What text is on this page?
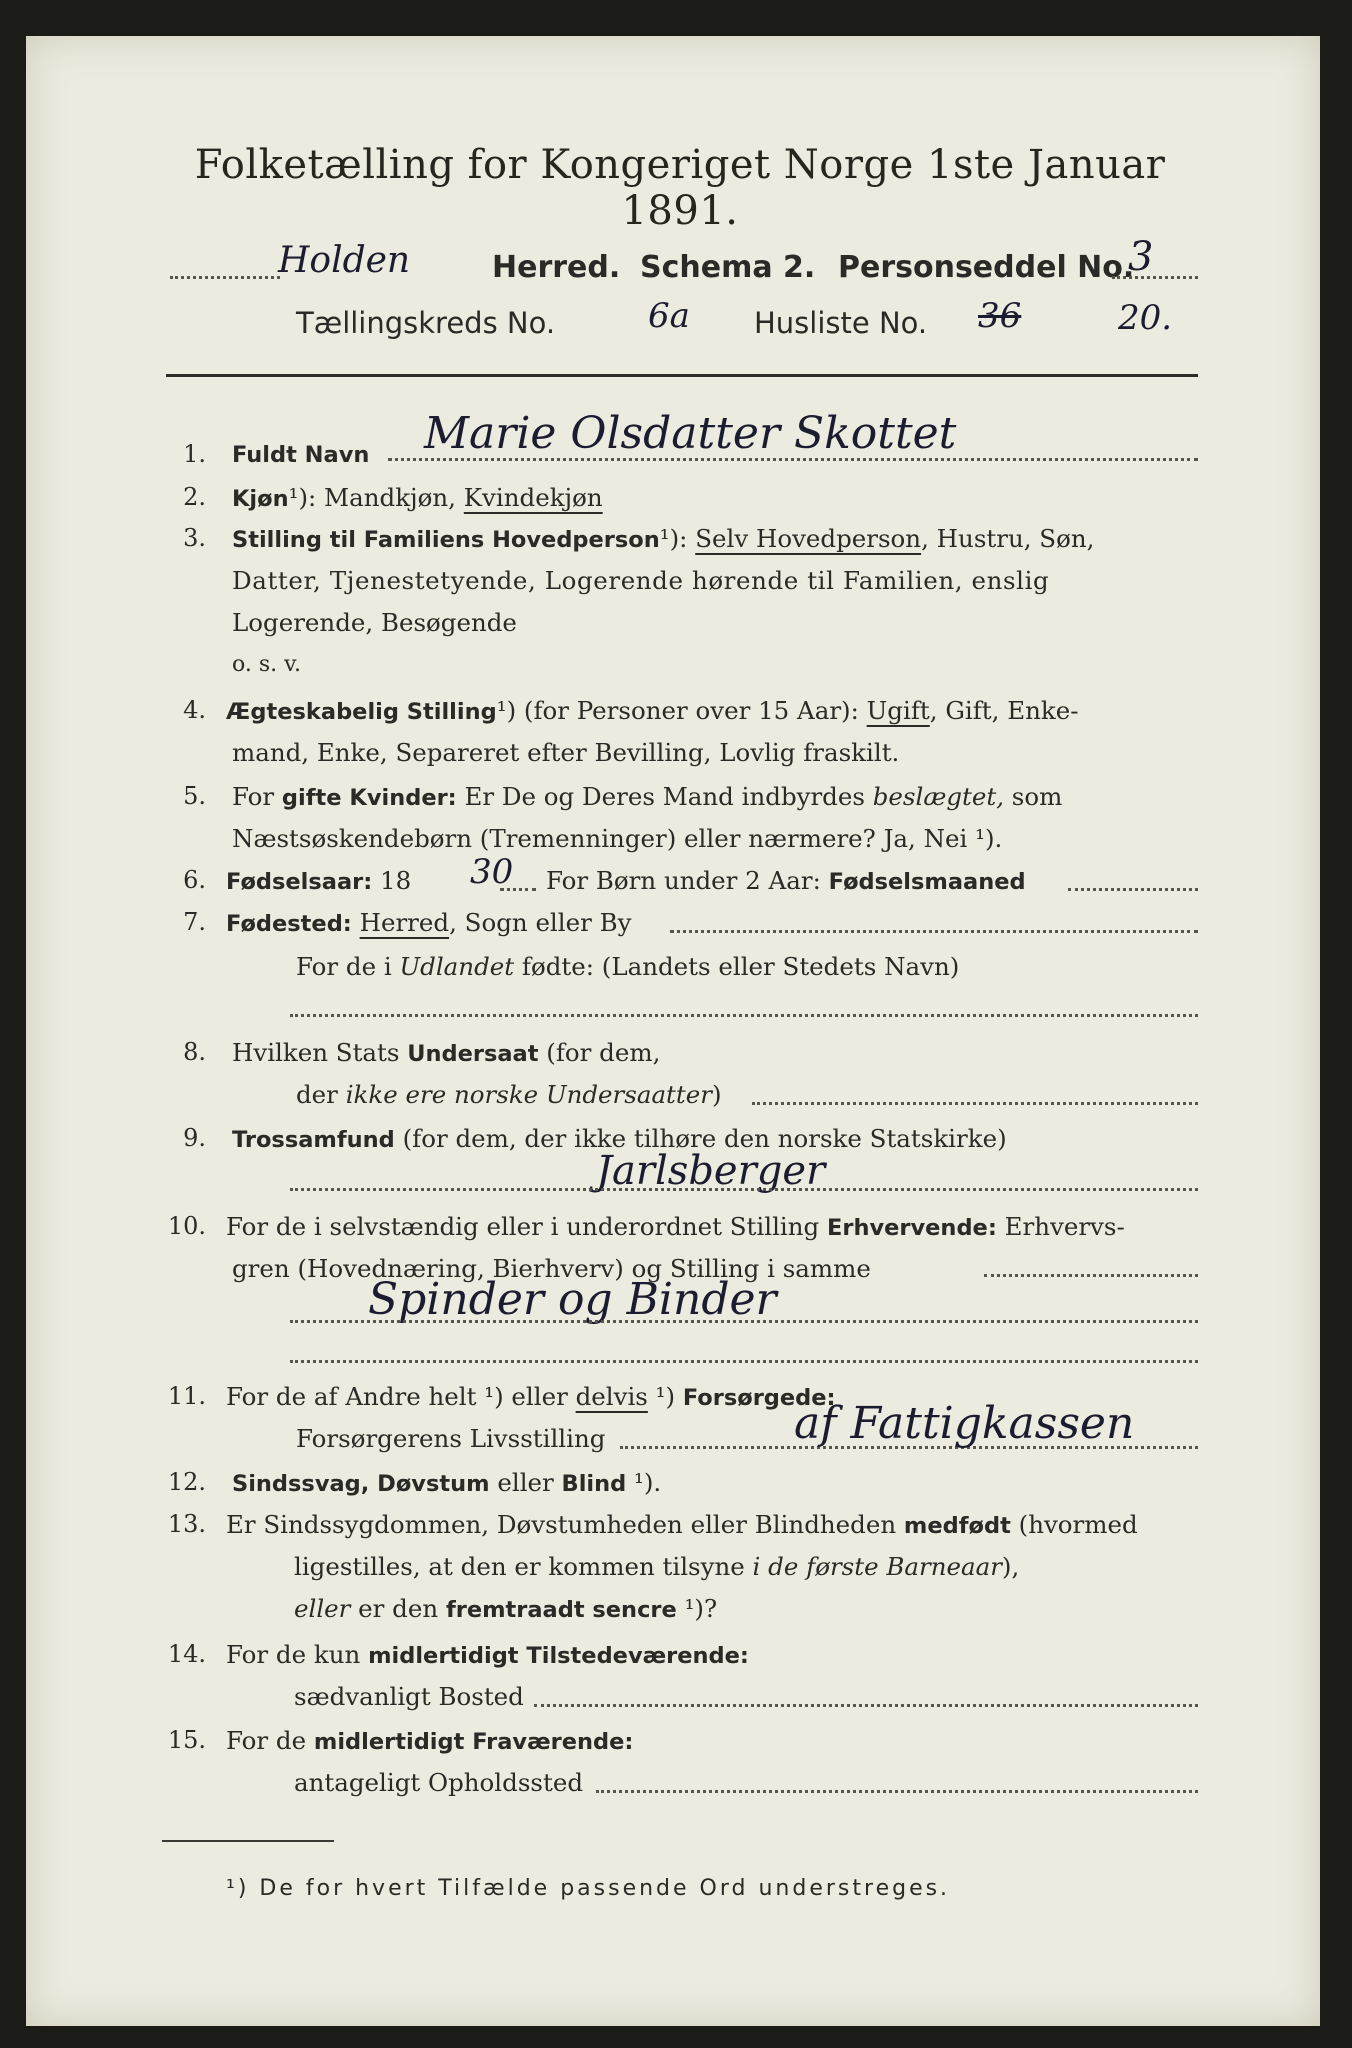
Folketælling for Kongeriget Norge 1ste Januar 1891.
Holden	Herred. Schema 2. Personseddel No.
3
Tællingskreds No.	6a Husliste No. 36	20.
1. Fuldt Navn Marie Olsdatter Skottet
2. Kjøn¹): Mandkjøn, Kvindekjøn
3. Stilling til Familiens Hovedperson¹): Selv Hovedperson, Hustru, Søn,
Datter, Tjenestetyende, Logerende hørende til Familien, enslig
Logerende, Besøgende
o. s. v.
4. Ægteskabelig Stilling¹) (for Personer over 15 Aar): Ugift, Gift, Enke-
mand, Enke, Separeret efter Bevilling, Lovlig fraskilt.
5. For gifte Kvinder: Er De og Deres Mand indbyrdes beslægtet, som
Næstsøskendebørn (Tremenninger) eller nærmere? Ja, Nei ¹).
6. Fødselsaar: 18 30 For Børn under 2 Aar: Fødselsmaaned
7. Fødested: Herred, Sogn eller By
For de i Udlandet fødte: (Landets eller Stedets Navn)
8. Hvilken Stats Undersaat (for dem,
der ikke ere norske Undersaatter)
9. Trossamfund (for dem, der ikke tilhøre den norske Statskirke)
Jarlsberger
10. For de i selvstændig eller i underordnet Stilling Erhvervende: Erhvervs-
gren (Hovednæring, Bierhverv) og Stilling i samme
Spinder og Binder
11. For de af Andre helt ¹) eller delvis ¹) Forsørgede:
Forsørgerens Livsstilling	af Fattigkassen
12. Sindssvag, Døvstum eller Blind ¹).
13. Er Sindssygdommen, Døvstumheden eller Blindheden medfødt (hvormed
ligestilles, at den er kommen tilsyne i de første Barneaar),
eller er den fremtraadt sencre ¹)?
14. For de kun midlertidigt Tilstedeværende:
sædvanligt Bosted
15. For de midlertidigt Fraværende:
antageligt Opholdssted
¹) De for hvert Tilfælde passende Ord understreges.
